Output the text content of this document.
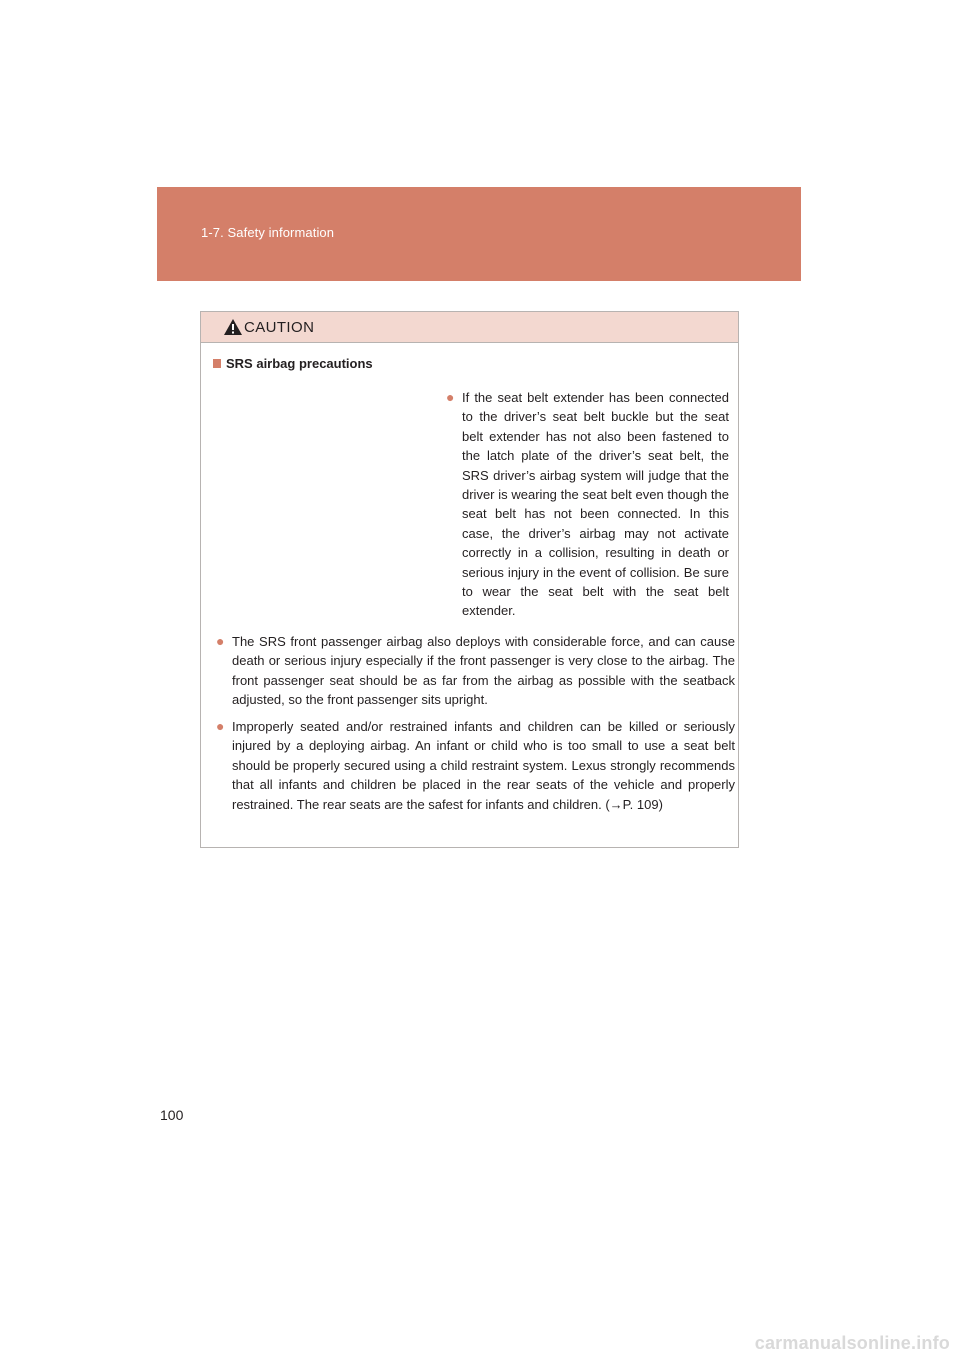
1-7. Safety information
CAUTION
SRS airbag precautions
● If the seat belt extender has been connected to the driver’s seat belt buckle but the seat belt extender has not also been fastened to the latch plate of the driver’s seat belt, the SRS driver’s airbag system will judge that the driver is wearing the seat belt even though the seat belt has not been connected. In this case, the driver’s airbag may not activate correctly in a collision, resulting in death or serious injury in the event of collision. Be sure to wear the seat belt with the seat belt extender.
● The SRS front passenger airbag also deploys with considerable force, and can cause death or serious injury especially if the front passenger is very close to the airbag. The front passenger seat should be as far from the airbag as possible with the seatback adjusted, so the front passenger sits upright.
● Improperly seated and/or restrained infants and children can be killed or seriously injured by a deploying airbag. An infant or child who is too small to use a seat belt should be properly secured using a child restraint system. Lexus strongly recommends that all infants and children be placed in the rear seats of the vehicle and properly restrained. The rear seats are the safest for infants and children. (→P. 109)
100
carmanualsonline.info
